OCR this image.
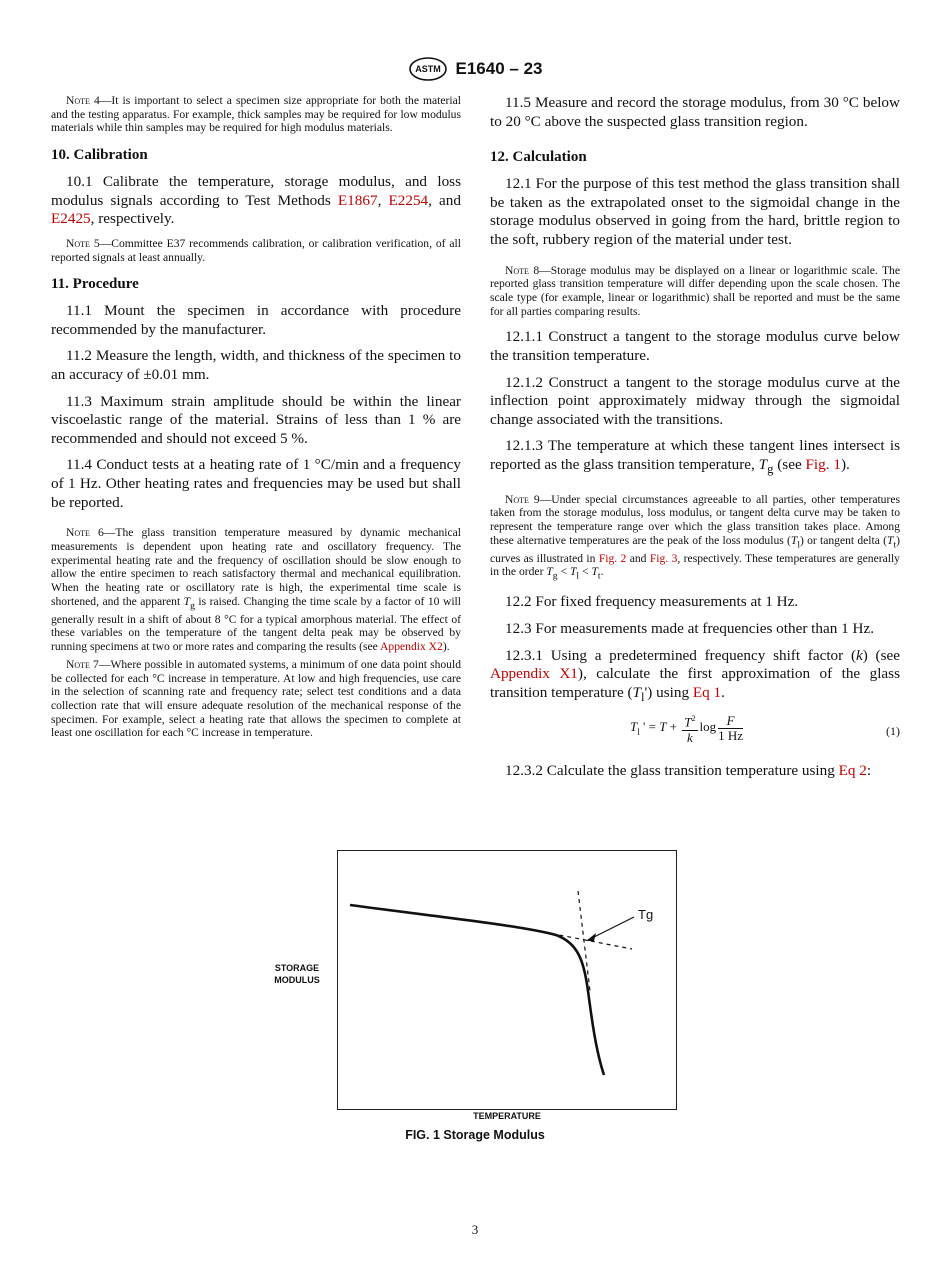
ASTM E1640 – 23

Note 4—It is important to select a specimen size appropriate for both the material and the testing apparatus. For example, thick samples may be required for low modulus materials while thin samples may be required for high modulus materials.

10. Calibration

10.1 Calibrate the temperature, storage modulus, and loss modulus signals according to Test Methods E1867, E2254, and E2425, respectively.

Note 5—Committee E37 recommends calibration, or calibration verification, of all reported signals at least annually.

11. Procedure

11.1 Mount the specimen in accordance with procedure recommended by the manufacturer.

11.2 Measure the length, width, and thickness of the specimen to an accuracy of ±0.01 mm.

11.3 Maximum strain amplitude should be within the linear viscoelastic range of the material. Strains of less than 1 % are recommended and should not exceed 5 %.

11.4 Conduct tests at a heating rate of 1 °C/min and a frequency of 1 Hz. Other heating rates and frequencies may be used but shall be reported.

Note 6—The glass transition temperature measured by dynamic mechanical measurements is dependent upon heating rate and oscillatory frequency. The experimental heating rate and the frequency of oscillation should be slow enough to allow the entire specimen to reach satisfactory thermal and mechanical equilibration. When the heating rate or oscillatory rate is high, the experimental time scale is shortened, and the apparent $T_g$ is raised. Changing the time scale by a factor of 10 will generally result in a shift of about 8 °C for a typical amorphous material. The effect of these variables on the temperature of the tangent delta peak may be observed by running specimens at two or more rates and comparing the results (see Appendix X2).

Note 7—Where possible in automated systems, a minimum of one data point should be collected for each °C increase in temperature. At low and high frequencies, use care in the selection of scanning rate and frequency rate; select test conditions and a data collection rate that will ensure adequate resolution of the mechanical response of the specimen. For example, select a heating rate that allows the specimen to complete at least one oscillation for each °C increase in temperature.

11.5 Measure and record the storage modulus, from 30 °C below to 20 °C above the suspected glass transition region.

12. Calculation

12.1 For the purpose of this test method the glass transition shall be taken as the extrapolated onset to the sigmoidal change in the storage modulus observed in going from the hard, brittle region to the soft, rubbery region of the material under test.

Note 8—Storage modulus may be displayed on a linear or logarithmic scale. The reported glass transition temperature will differ depending upon the scale chosen. The scale type (for example, linear or logarithmic) shall be reported and must be the same for all parties comparing results.

12.1.1 Construct a tangent to the storage modulus curve below the transition temperature.

12.1.2 Construct a tangent to the storage modulus curve at the inflection point approximately midway through the sigmoidal change associated with the transitions.

12.1.3 The temperature at which these tangent lines intersect is reported as the glass transition temperature, $T_g$ (see Fig. 1).

Note 9—Under special circumstances agreeable to all parties, other temperatures taken from the storage modulus, loss modulus, or tangent delta curve may be taken to represent the temperature range over which the glass transition takes place. Among these alternative temperatures are the peak of the loss modulus $(T_l)$ or tangent delta $(T_t)$ curves as illustrated in Fig. 2 and Fig. 3, respectively. These temperatures are generally in the order $T_g < T_l < T_t$.

12.2 For fixed frequency measurements at 1 Hz.

12.3 For measurements made at frequencies other than 1 Hz.

12.3.1 Using a predetermined frequency shift factor (k) (see Appendix X1), calculate the first approximation of the glass transition temperature $(T_l')$ using Eq 1.

$T_l$ ' = $T + \frac{T^2}{k}$ $\log \frac{F}{1 Hz}$	(1)

12.3.2 Calculate the glass transition temperature using Eq 2:

Tg
STORAGE
MODULUS
TEMPERATURE
FIG. 1 Storage Modulus
3
